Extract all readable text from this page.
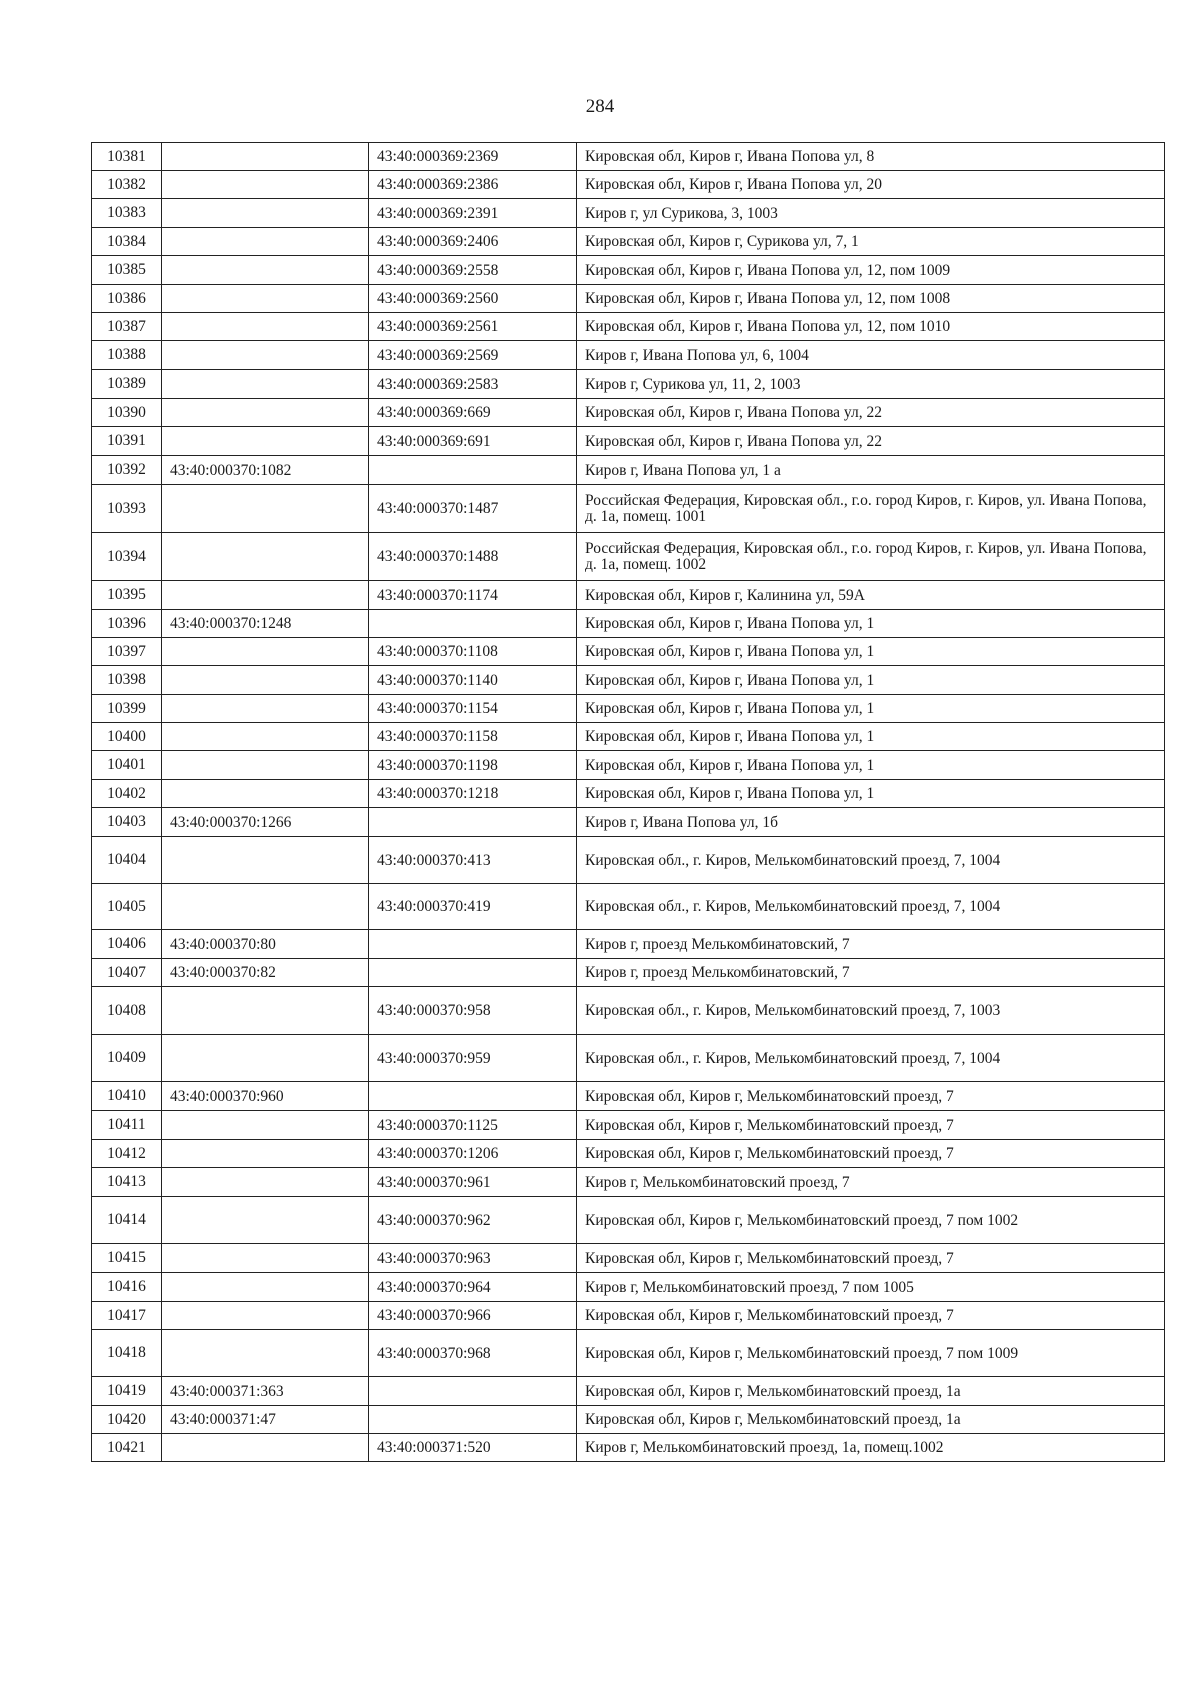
284
10381		43:40:000369:2369	Кировская обл, Киров г, Ивана Попова ул, 8
10382		43:40:000369:2386	Кировская обл, Киров г, Ивана Попова ул, 20
10383		43:40:000369:2391	Киров г, ул Сурикова, 3, 1003
10384		43:40:000369:2406	Кировская обл, Киров г, Сурикова ул, 7, 1
10385		43:40:000369:2558	Кировская обл, Киров г, Ивана Попова ул, 12, пом 1009
10386		43:40:000369:2560	Кировская обл, Киров г, Ивана Попова ул, 12, пом 1008
10387		43:40:000369:2561	Кировская обл, Киров г, Ивана Попова ул, 12, пом 1010
10388		43:40:000369:2569	Киров г, Ивана Попова ул, 6, 1004
10389		43:40:000369:2583	Киров г, Сурикова ул, 11, 2, 1003
10390		43:40:000369:669	Кировская обл, Киров г, Ивана Попова ул, 22
10391		43:40:000369:691	Кировская обл, Киров г, Ивана Попова ул, 22
10392	43:40:000370:1082		Киров г, Ивана Попова ул, 1 а
10393		43:40:000370:1487	Российская Федерация, Кировская обл., г.о. город Киров, г. Киров, ул. Ивана Попова, д. 1а, помещ. 1001
10394		43:40:000370:1488	Российская Федерация, Кировская обл., г.о. город Киров, г. Киров, ул. Ивана Попова, д. 1а, помещ. 1002
10395		43:40:000370:1174	Кировская обл, Киров г, Калинина ул, 59А
10396	43:40:000370:1248		Кировская обл, Киров г, Ивана Попова ул, 1
10397		43:40:000370:1108	Кировская обл, Киров г, Ивана Попова ул, 1
10398		43:40:000370:1140	Кировская обл, Киров г, Ивана Попова ул, 1
10399		43:40:000370:1154	Кировская обл, Киров г, Ивана Попова ул, 1
10400		43:40:000370:1158	Кировская обл, Киров г, Ивана Попова ул, 1
10401		43:40:000370:1198	Кировская обл, Киров г, Ивана Попова ул, 1
10402		43:40:000370:1218	Кировская обл, Киров г, Ивана Попова ул, 1
10403	43:40:000370:1266		Киров г, Ивана Попова ул, 1б
10404		43:40:000370:413	Кировская обл., г. Киров, Мелькомбинатовский проезд, 7, 1004
10405		43:40:000370:419	Кировская обл., г. Киров, Мелькомбинатовский проезд, 7, 1004
10406	43:40:000370:80		Киров г, проезд Мелькомбинатовский, 7
10407	43:40:000370:82		Киров г, проезд Мелькомбинатовский, 7
10408		43:40:000370:958	Кировская обл., г. Киров, Мелькомбинатовский проезд, 7, 1003
10409		43:40:000370:959	Кировская обл., г. Киров, Мелькомбинатовский проезд, 7, 1004
10410	43:40:000370:960		Кировская обл, Киров г, Мелькомбинатовский проезд, 7
10411		43:40:000370:1125	Кировская обл, Киров г, Мелькомбинатовский проезд, 7
10412		43:40:000370:1206	Кировская обл, Киров г, Мелькомбинатовский проезд, 7
10413		43:40:000370:961	Киров г, Мелькомбинатовский проезд, 7
10414		43:40:000370:962	Кировская обл, Киров г, Мелькомбинатовский проезд, 7 пом 1002
10415		43:40:000370:963	Кировская обл, Киров г, Мелькомбинатовский проезд, 7
10416		43:40:000370:964	Киров г, Мелькомбинатовский проезд, 7 пом 1005
10417		43:40:000370:966	Кировская обл, Киров г, Мелькомбинатовский проезд, 7
10418		43:40:000370:968	Кировская обл, Киров г, Мелькомбинатовский проезд, 7 пом 1009
10419	43:40:000371:363		Кировская обл, Киров г, Мелькомбинатовский проезд, 1а
10420	43:40:000371:47		Кировская обл, Киров г, Мелькомбинатовский проезд, 1а
10421		43:40:000371:520	Киров г, Мелькомбинатовский проезд, 1а, помещ.1002
